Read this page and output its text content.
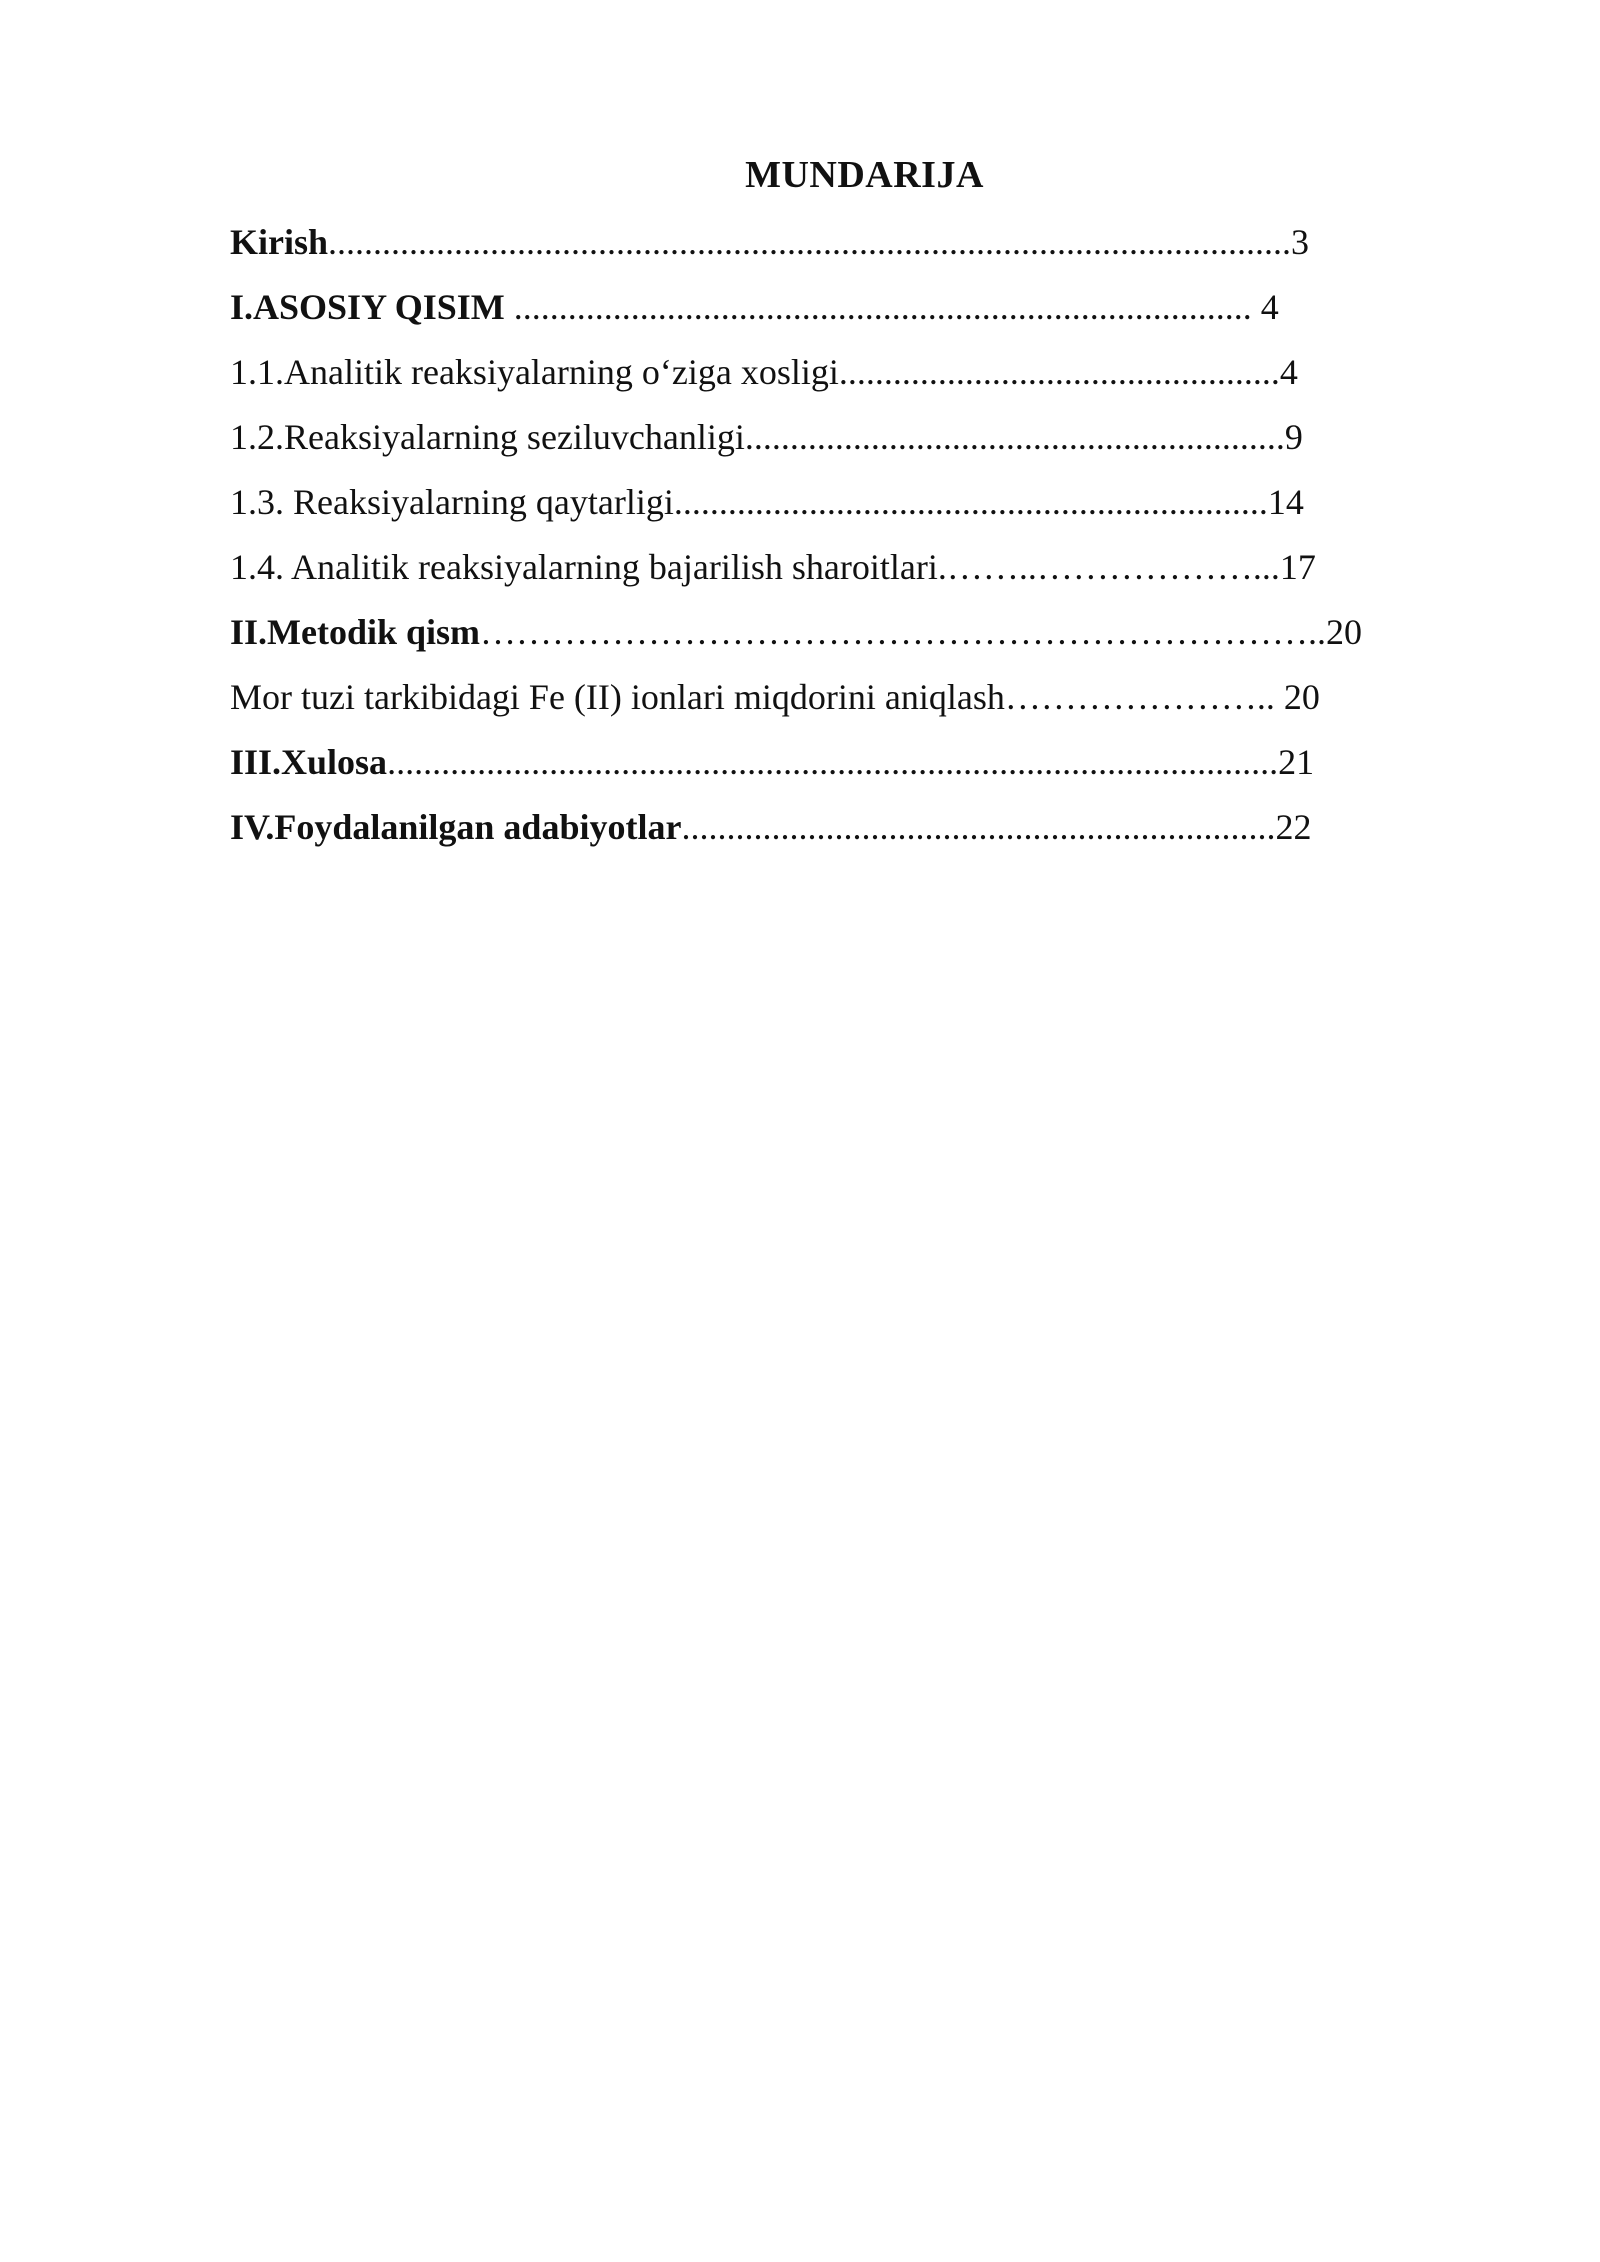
MUNDARIJA
Kirish...........................................................................................................3
I.ASOSIY QISIM .................................................................................. 4
1.1.Analitik reaksiyalarning o‘ziga xosligi.................................................4
1.2.Reaksiyalarning seziluvchanligi............................................................9
1.3. Reaksiyalarning qaytarligi..................................................................14
1.4. Analitik reaksiyalarning bajarilish sharoitlari.……..………………...17
II.Metodik qism……………………………………………………………..20
Mor tuzi tarkibidagi Fe (II) ionlari miqdorini aniqlash………………….. 20
III.Xulosa...................................................................................................21
IV.Foydalanilgan adabiyotlar..................................................................22
